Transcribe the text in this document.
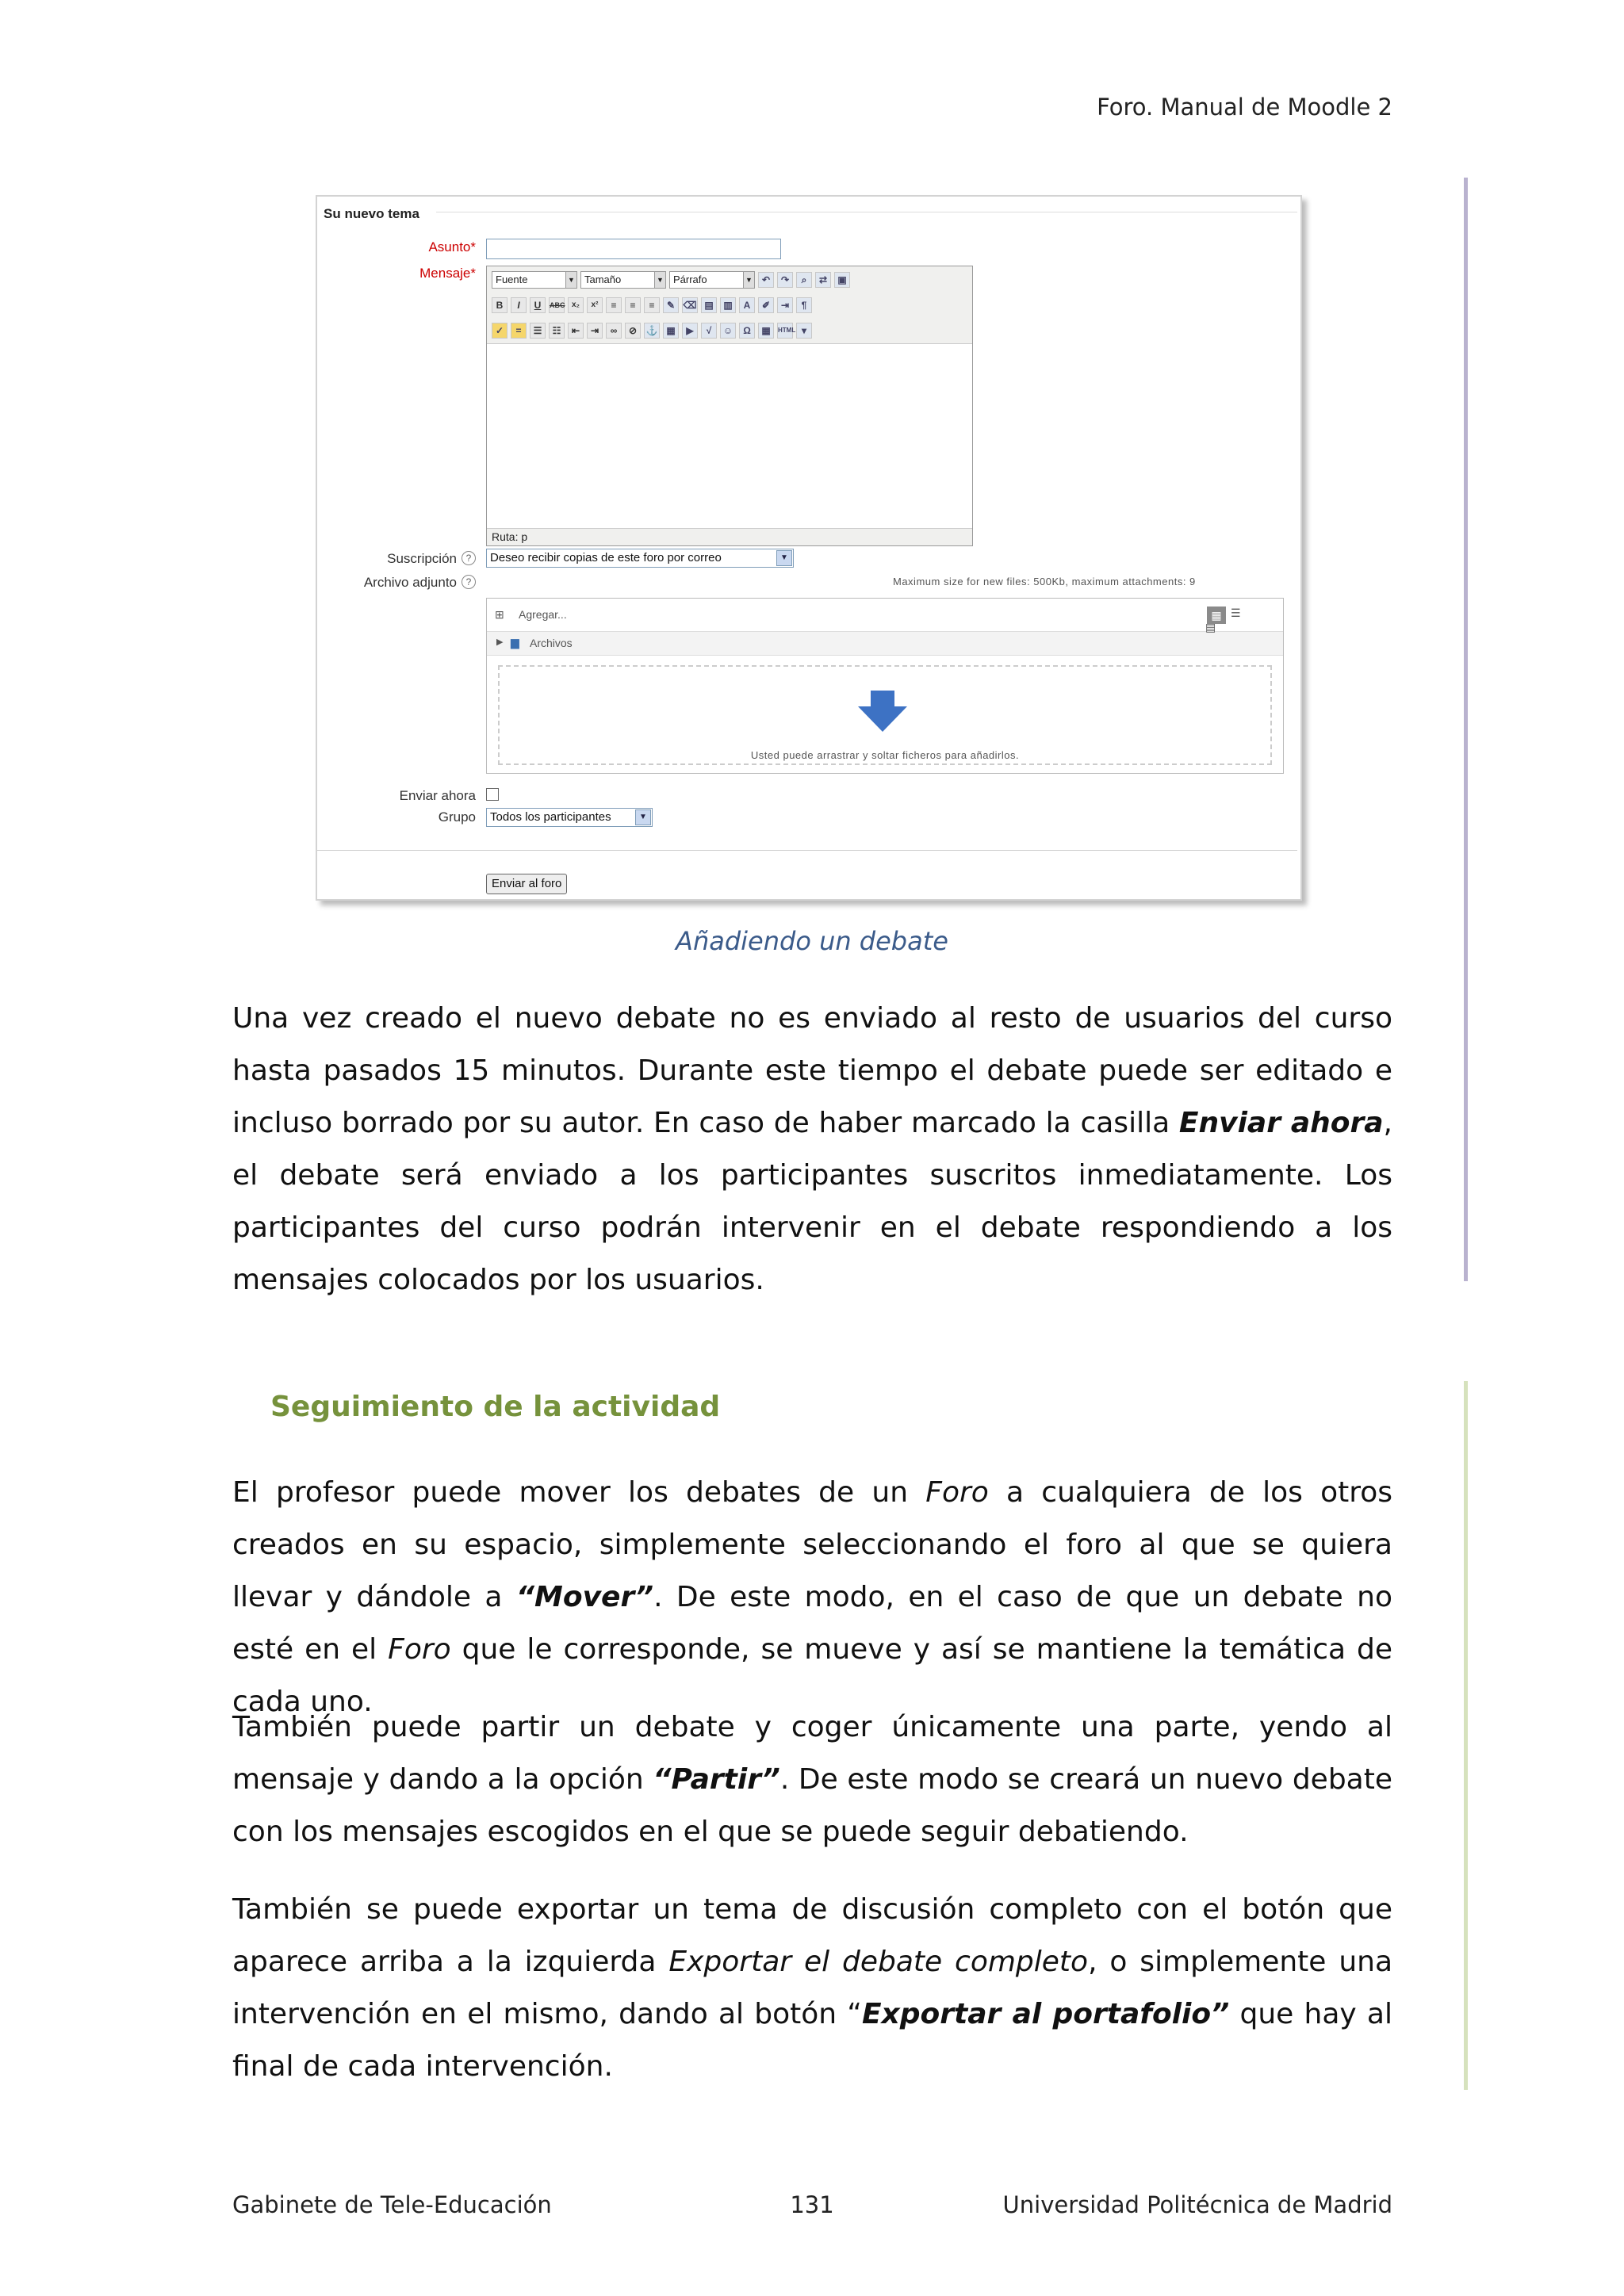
Foro. Manual de Moodle 2
Su nuevo tema
Asunto*
Mensaje*	Fuente	▼ Tamaño	▼ Párrafo	▼	↶	↷	⌕	⇄	▣
B	I	U	ABC x₂	x²	≡	≡	≡	✎ ⌫ ▤	▥	A	✐	⇥	¶
✓	=	☰	☷	⇤	⇥	∞	⊘ ⚓ ▦	▶	√	☺	Ω	▦	HTML ▾
Ruta: p
Suscripción ?	Deseo recibir copias de este foro por correo	▼
Archivo adjunto ?	Maximum size for new files: 500Kb, maximum attachments: 9
⊞ Agregar...	▦ ☰
▶ ▆ Archivos
▤
Usted puede arrastrar y soltar ficheros para añadirlos.
Enviar ahora
Grupo	Todos los participantes	▼
Enviar al foro
Añadiendo un debate
Una vez creado el nuevo debate no es enviado al resto de usuarios del curso hasta pasados 15 minutos. Durante este tiempo el debate puede ser editado e incluso borrado por su autor. En caso de haber marcado la casilla Enviar ahora, el debate será enviado a los participantes suscritos inmediatamente. Los participantes del curso podrán intervenir en el debate respondiendo a los mensajes colocados por los usuarios.
Seguimiento de la actividad
El profesor puede mover los debates de un Foro a cualquiera de los otros creados en su espacio, simplemente seleccionando el foro al que se quiera llevar y dándole a “Mover”. De este modo, en el caso de que un debate no esté en el Foro que le corresponde, se mueve y así se mantiene la temática de cada uno.
También puede partir un debate y coger únicamente una parte, yendo al mensaje y dando a la opción “Partir”. De este modo se creará un nuevo debate con los mensajes escogidos en el que se puede seguir debatiendo.
También se puede exportar un tema de discusión completo con el botón que aparece arriba a la izquierda Exportar el debate completo, o simplemente una intervención en el mismo, dando al botón “Exportar al portafolio” que hay al final de cada intervención.
Gabinete de Tele-Educación	131	Universidad Politécnica de Madrid
